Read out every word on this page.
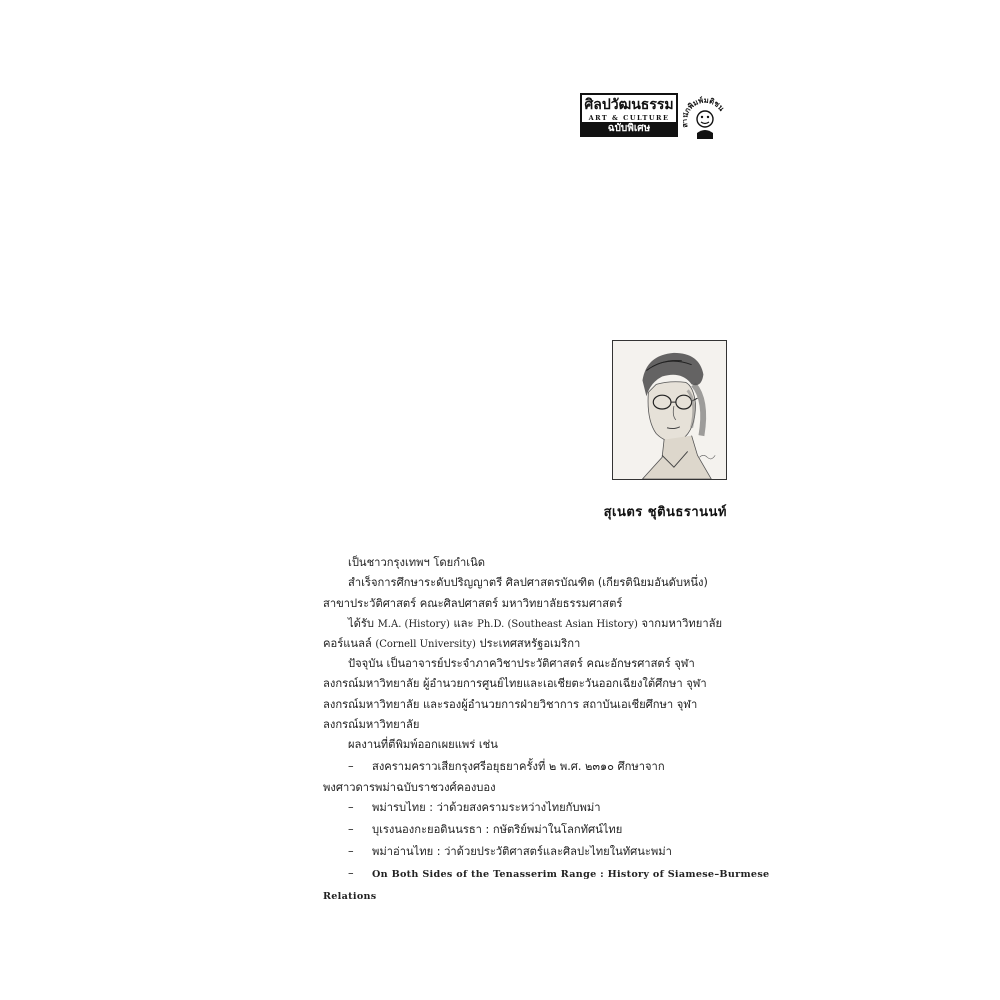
ศิลปวัฒนธรรม
ART & CULTURE
ฉบับพิเศษ
กพิมพ์มติชน
สุเนตร ชุตินธรานนท์
เป็นชาวกรุงเทพฯ โดยกำเนิด
สำเร็จการศึกษาระดับปริญญาตรี ศิลปศาสตรบัณฑิต (เกียรตินิยมอันดับหนึ่ง)
สาขาประวัติศาสตร์ คณะศิลปศาสตร์ มหาวิทยาลัยธรรมศาสตร์
ได้รับ M.A. (History) และ Ph.D. (Southeast Asian History) จากมหาวิทยาลัย
คอร์แนลล์ (Cornell University) ประเทศสหรัฐอเมริกา
ปัจจุบัน เป็นอาจารย์ประจำภาควิชาประวัติศาสตร์ คณะอักษรศาสตร์ จุฬา
ลงกรณ์มหาวิทยาลัย ผู้อำนวยการศูนย์ไทยและเอเชียตะวันออกเฉียงใต้ศึกษา จุฬา
ลงกรณ์มหาวิทยาลัย และรองผู้อำนวยการฝ่ายวิชาการ สถาบันเอเชียศึกษา จุฬา
ลงกรณ์มหาวิทยาลัย
ผลงานที่ตีพิมพ์ออกเผยแพร่ เช่น
– สงครามคราวเสียกรุงศรีอยุธยาครั้งที่ ๒ พ.ศ. ๒๓๑๐ ศึกษาจาก
พงศาวดารพม่าฉบับราชวงศ์คองบอง
– พม่ารบไทย : ว่าด้วยสงครามระหว่างไทยกับพม่า
– บุเรงนองกะยอดินนรธา : กษัตริย์พม่าในโลกทัศน์ไทย
– พม่าอ่านไทย : ว่าด้วยประวัติศาสตร์และศิลปะไทยในทัศนะพม่า
– On Both Sides of the Tenasserim Range : History of Siamese–Burmese
Relations
